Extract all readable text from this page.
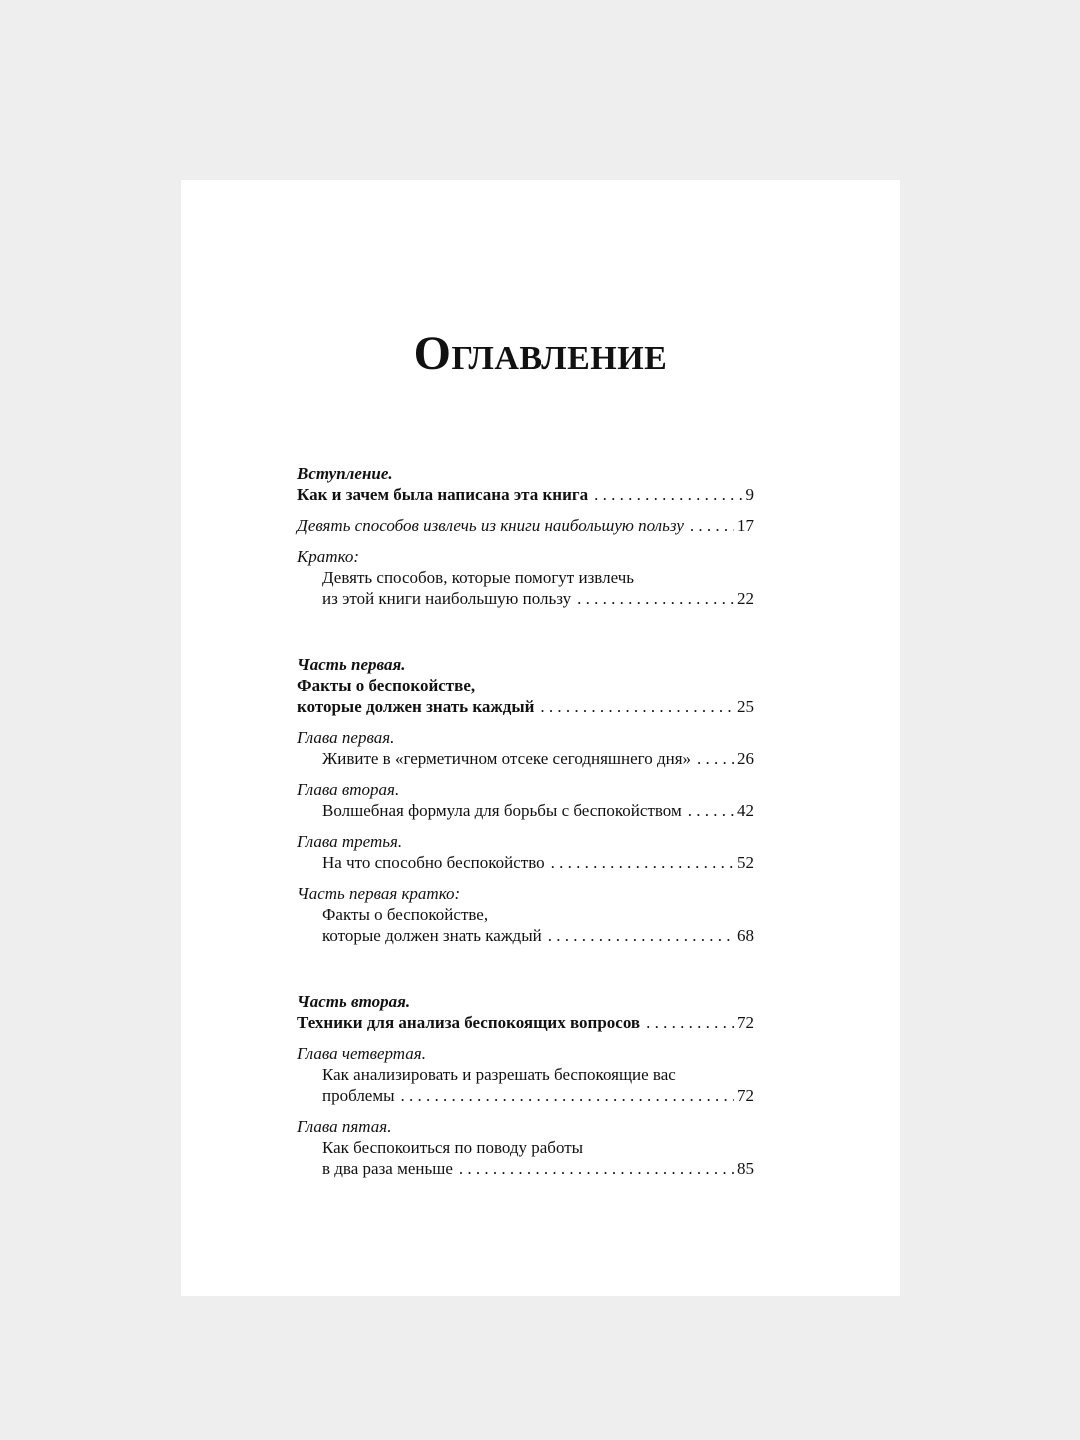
Оглавление
Вступление.
Как и зачем была написана эта книга . . .	9
Девять способов извлечь из книги наибольшую пользу . . .	17
Кратко:
Девять способов, которые помогут извлечь
из этой книги наибольшую пользу . . .	22
Часть первая.
Факты о беспокойстве,
которые должен знать каждый . . .	25
Глава первая.
Живите в «герметичном отсеке сегодняшнего дня» . . .	26
Глава вторая.
Волшебная формула для борьбы с беспокойством . . .	42
Глава третья.
На что способно беспокойство . . .	52
Часть первая кратко:
Факты о беспокойстве,
которые должен знать каждый . . .	68
Часть вторая.
Техники для анализа беспокоящих вопросов . . .	72
Глава четвертая.
Как анализировать и разрешать беспокоящие вас
проблемы . . .	72
Глава пятая.
Как беспокоиться по поводу работы
в два раза меньше . . .	85
